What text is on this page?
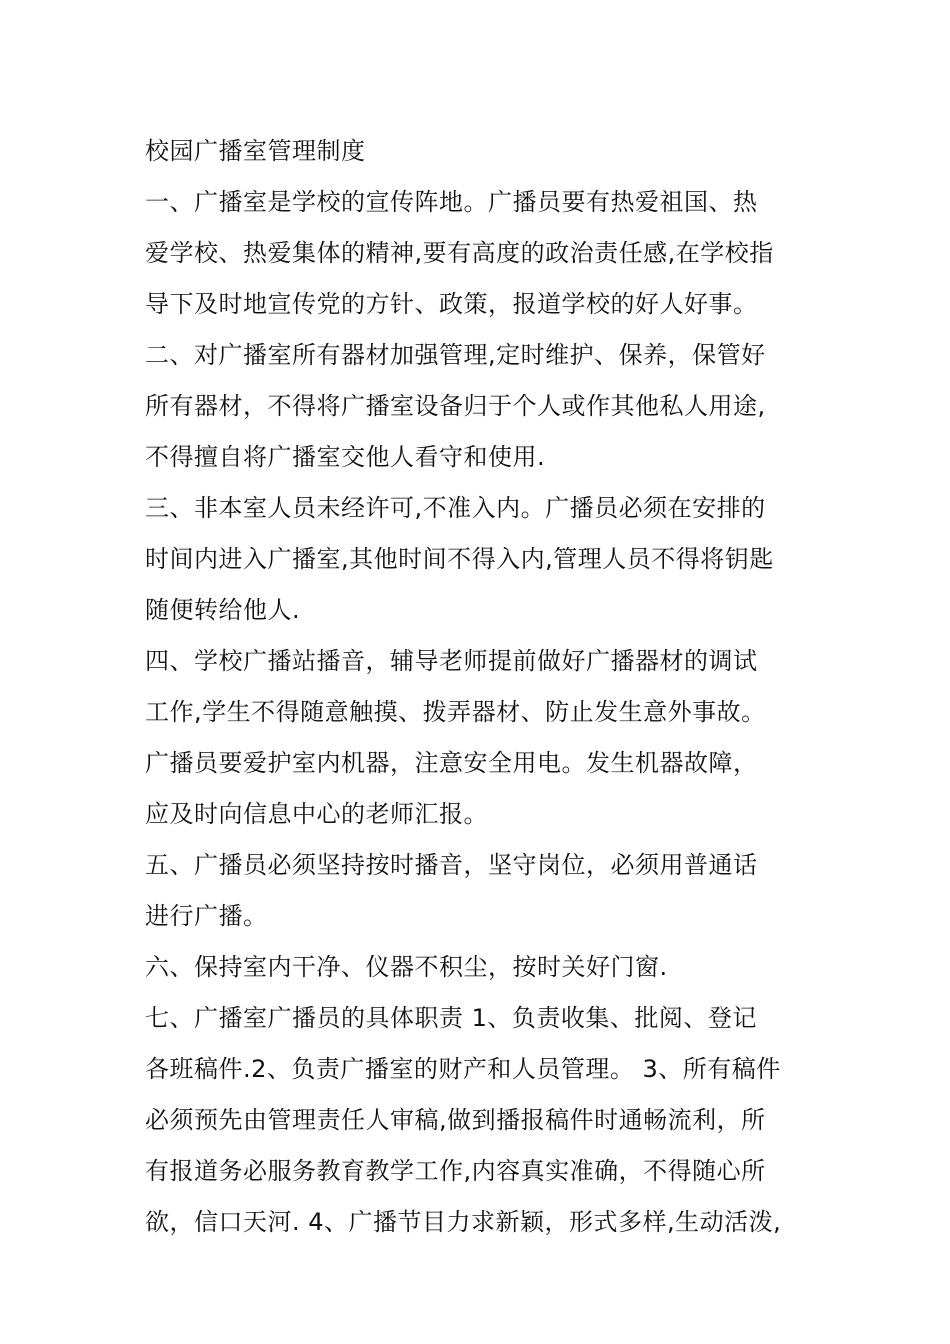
校园广播室管理制度
一、广播室是学校的宣传阵地。广播员要有热爱祖国、热
爱学校、热爱集体的精神,要有高度的政治责任感,在学校指
导下及时地宣传党的方针、政策，报道学校的好人好事。
二、对广播室所有器材加强管理,定时维护、保养，保管好
所有器材，不得将广播室设备归于个人或作其他私人用途,
不得擅自将广播室交他人看守和使用.
三、非本室人员未经许可,不准入内。广播员必须在安排的
时间内进入广播室,其他时间不得入内,管理人员不得将钥匙
随便转给他人.
四、学校广播站播音，辅导老师提前做好广播器材的调试
工作,学生不得随意触摸、拨弄器材、防止发生意外事故。
广播员要爱护室内机器，注意安全用电。发生机器故障，
应及时向信息中心的老师汇报。
五、广播员必须坚持按时播音，坚守岗位，必须用普通话
进行广播。
六、保持室内干净、仪器不积尘，按时关好门窗.
七、广播室广播员的具体职责 1、负责收集、批阅、登记
各班稿件.2、负责广播室的财产和人员管理。 3、所有稿件
必须预先由管理责任人审稿,做到播报稿件时通畅流利，所
有报道务必服务教育教学工作,内容真实准确，不得随心所
欲，信口天河. 4、广播节目力求新颖，形式多样,生动活泼,
